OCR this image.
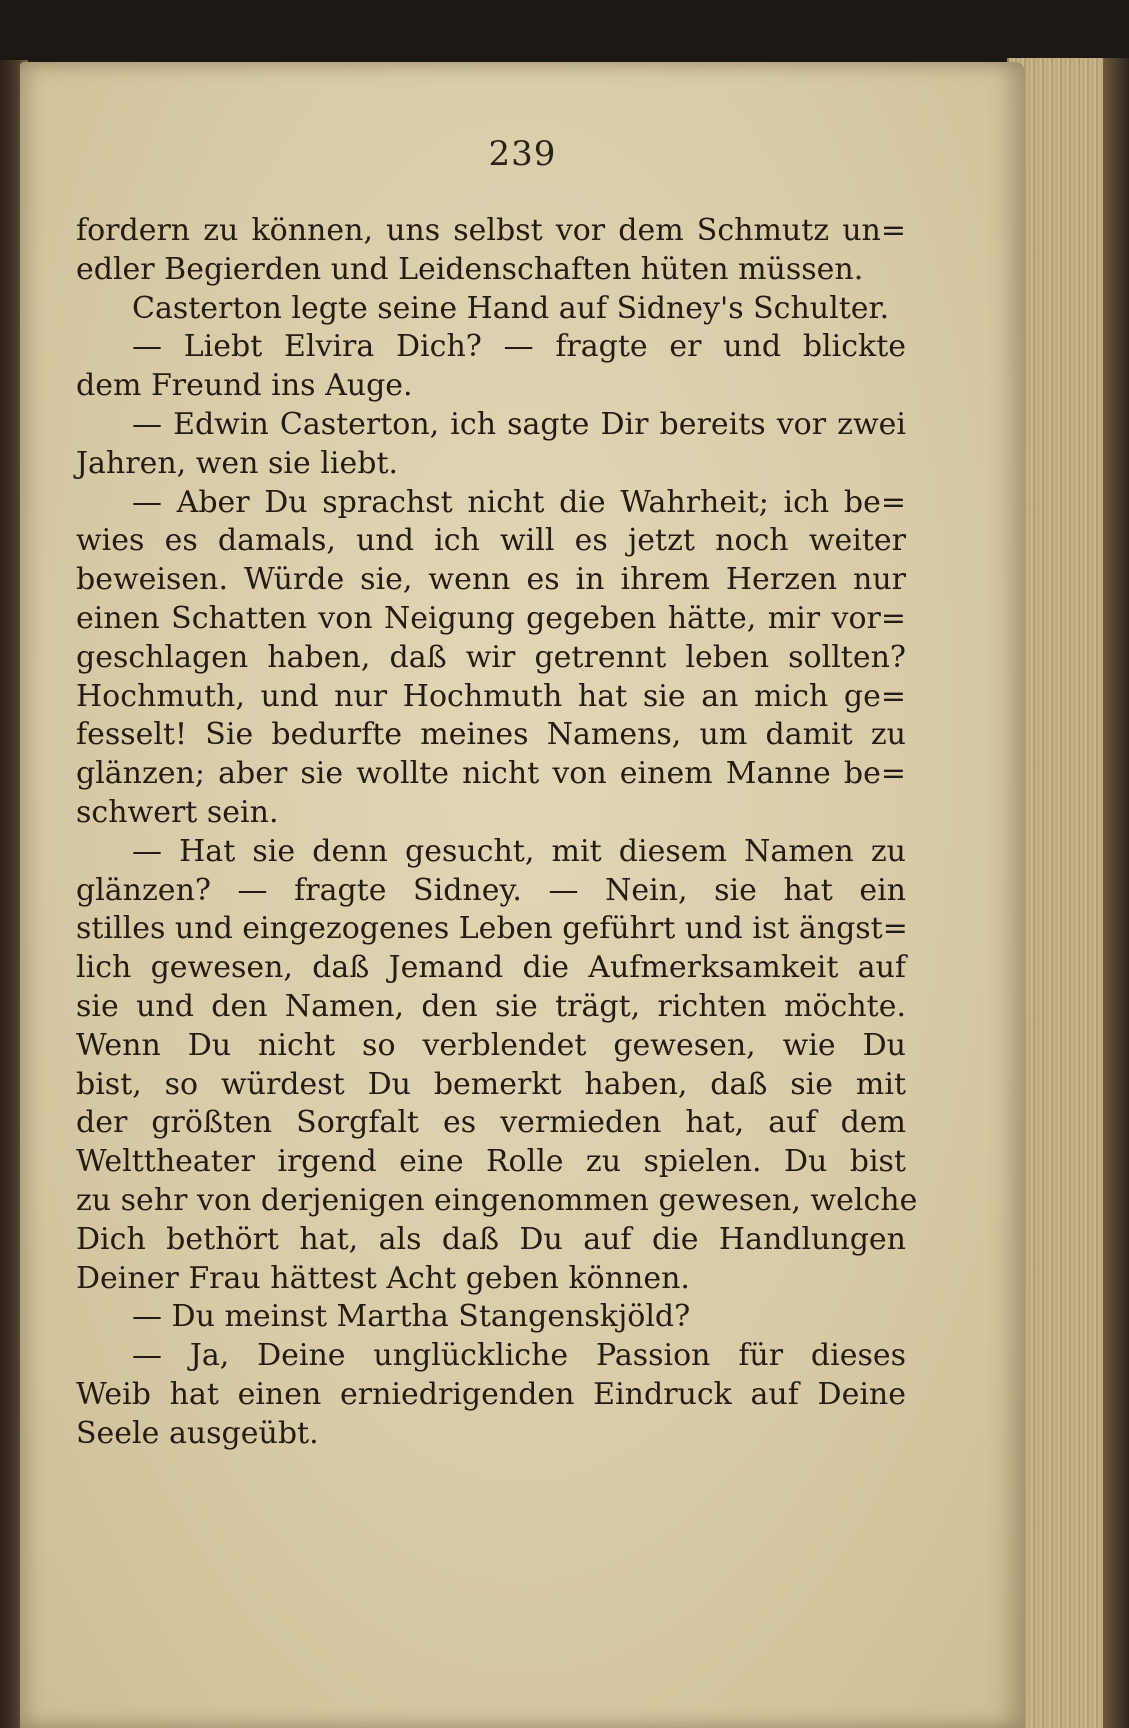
239
fordern zu können, uns selbst vor dem Schmutz un=
edler Begierden und Leidenschaften hüten müssen.
Casterton legte seine Hand auf Sidney's Schulter.
— Liebt Elvira Dich? — fragte er und blickte
dem Freund ins Auge.
— Edwin Casterton, ich sagte Dir bereits vor zwei
Jahren, wen sie liebt.
— Aber Du sprachst nicht die Wahrheit; ich be=
wies es damals, und ich will es jetzt noch weiter
beweisen. Würde sie, wenn es in ihrem Herzen nur
einen Schatten von Neigung gegeben hätte, mir vor=
geschlagen haben, daß wir getrennt leben sollten?
Hochmuth, und nur Hochmuth hat sie an mich ge=
fesselt! Sie bedurfte meines Namens, um damit zu
glänzen; aber sie wollte nicht von einem Manne be=
schwert sein.
— Hat sie denn gesucht, mit diesem Namen zu
glänzen? — fragte Sidney. — Nein, sie hat ein
stilles und eingezogenes Leben geführt und ist ängst=
lich gewesen, daß Jemand die Aufmerksamkeit auf
sie und den Namen, den sie trägt, richten möchte.
Wenn Du nicht so verblendet gewesen, wie Du
bist, so würdest Du bemerkt haben, daß sie mit
der größten Sorgfalt es vermieden hat, auf dem
Welttheater irgend eine Rolle zu spielen. Du bist
zu sehr von derjenigen eingenommen gewesen, welche
Dich bethört hat, als daß Du auf die Handlungen
Deiner Frau hättest Acht geben können.
— Du meinst Martha Stangenskjöld?
— Ja, Deine unglückliche Passion für dieses
Weib hat einen erniedrigenden Eindruck auf Deine
Seele ausgeübt.
